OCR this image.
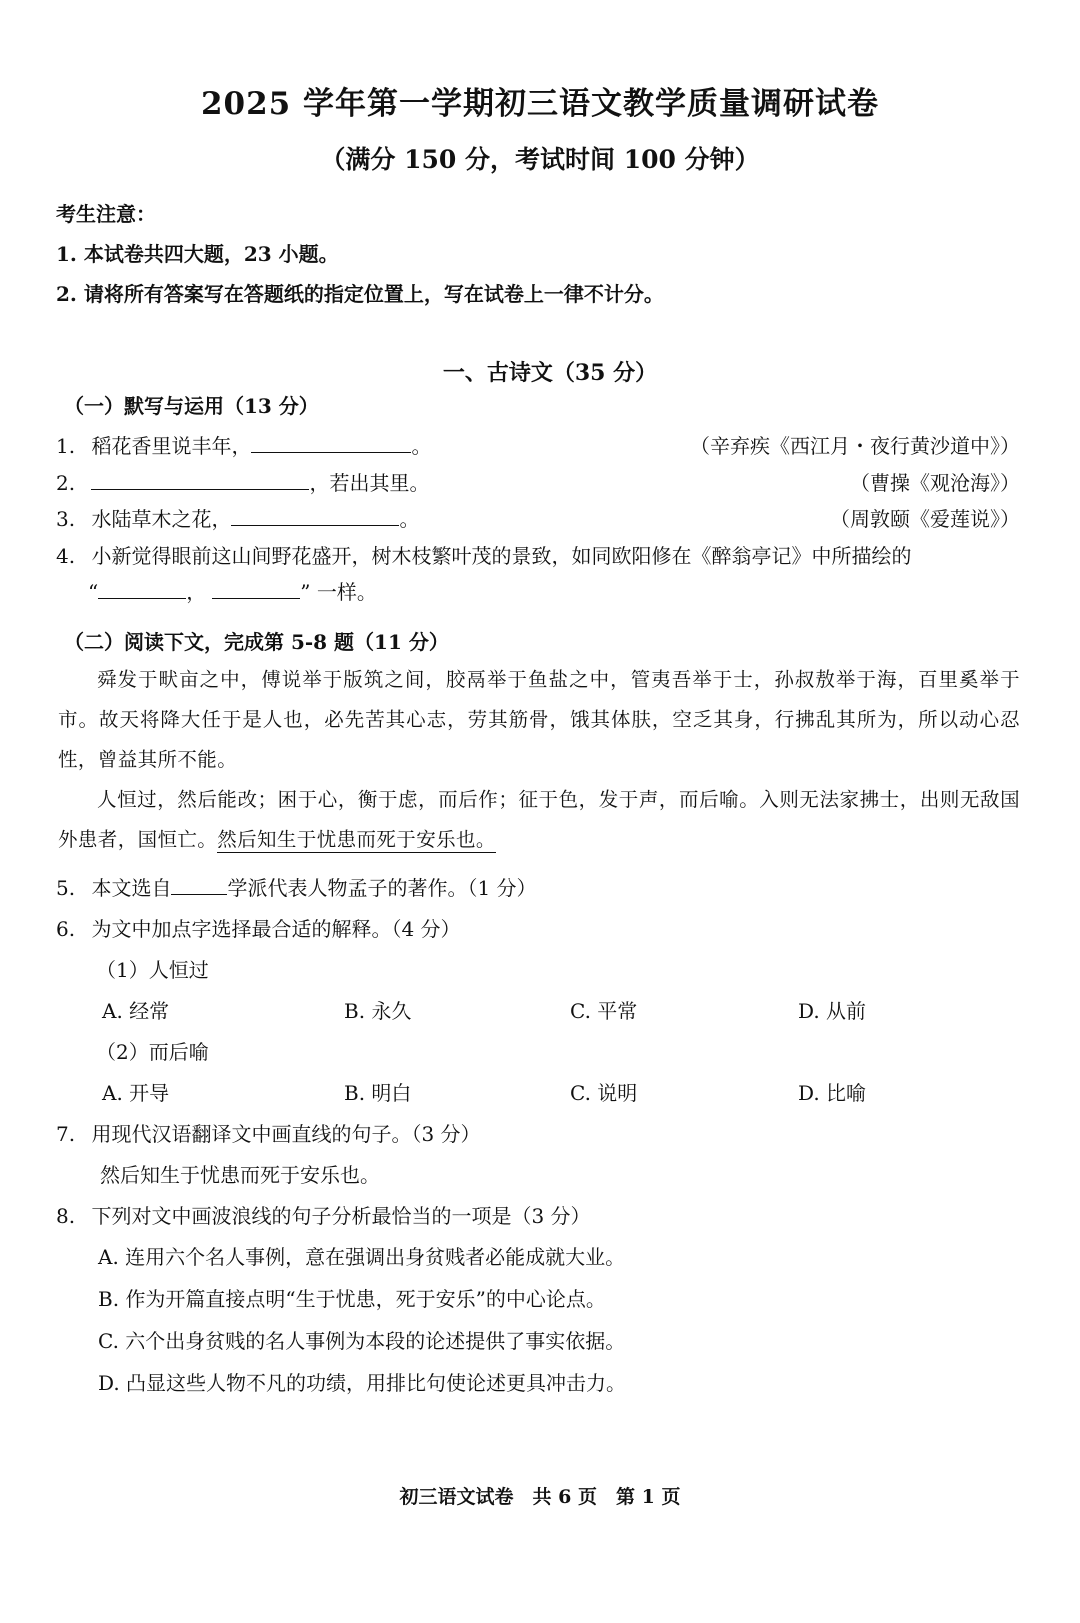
2025 学年第一学期初三语文教学质量调研试卷
（满分 150 分，考试时间 100 分钟）
考生注意：
1. 本试卷共四大题，23 小题。
2. 请将所有答案写在答题纸的指定位置上，写在试卷上一律不计分。
一、古诗文（35 分）
（一）默写与运用（13 分）
1. 稻花香里说丰年，	。	（辛弃疾《西江月・夜行黄沙道中》）
2.	，若出其里。	（曹操《观沧海》）
3. 水陆草木之花，	。	（周敦颐《爱莲说》）
4. 小新觉得眼前这山间野花盛开，树木枝繁叶茂的景致，如同欧阳修在《醉翁亭记》中所描绘的
“	，	” 一样。
（二）阅读下文，完成第 5-8 题（11 分）

舜发于畎亩之中，傅说举于版筑之间，胶鬲举于鱼盐之中，管夷吾举于士，孙叔敖举于海，百里奚举于市。故天将降大任于是人也，必先苦其心志，劳其筋骨，饿其体肤，空乏其身，行拂乱其所为，所以动心忍性，曾益其所不能。

人恒过，然后能改；困于心，衡于虑，而后作；征于色，发于声，而后喻。入则无法家拂士，出则无敌国外患者，国恒亡。然后知生于忧患而死于安乐也。

5. 本文选自	学派代表人物孟子的著作。（1 分）
6. 为文中加点字选择最合适的解释。（4 分）
（1）人恒过
A. 经常	B. 永久	C. 平常	D. 从前
（2）而后喻
A. 开导	B. 明白	C. 说明	D. 比喻
7. 用现代汉语翻译文中画直线的句子。（3 分）
然后知生于忧患而死于安乐也。
8. 下列对文中画波浪线的句子分析最恰当的一项是（3 分）
A. 连用六个名人事例，意在强调出身贫贱者必能成就大业。
B. 作为开篇直接点明“生于忧患，死于安乐”的中心论点。
C. 六个出身贫贱的名人事例为本段的论述提供了事实依据。
D. 凸显这些人物不凡的功绩，用排比句使论述更具冲击力。
初三语文试卷　共 6 页　第 1 页
